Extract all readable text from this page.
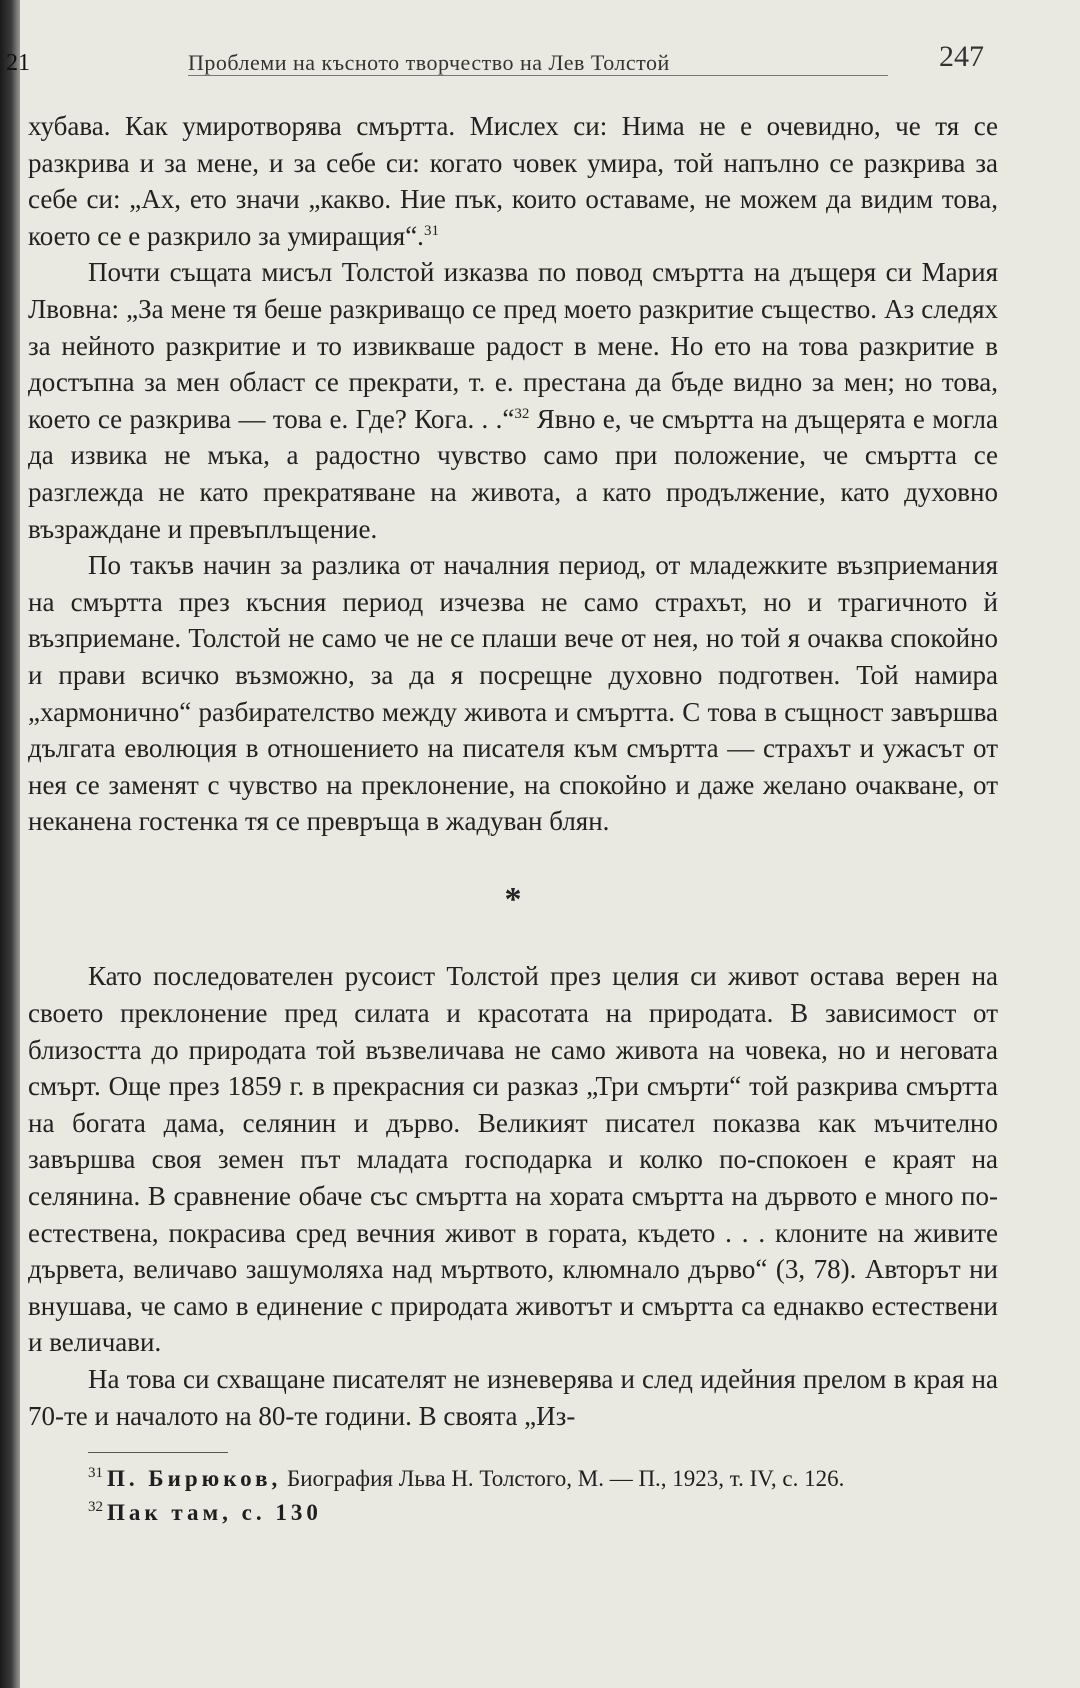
21	Проблеми на късното творчество на Лев Толстой	247

хубава. Как умиротворява смъртта. Мислех си: Нима не е очевидно, че тя се разкрива и за мене, и за себе си: когато човек умира, той напълно се разкрива за себе си: „Ах, ето значи „какво. Ние пък, които оставаме, не можем да видим това, което се е разкрило за умиращия“.$^{31}$

Почти същата мисъл Толстой изказва по повод смъртта на дъщеря си Мария Лвовна: „За мене тя беше разкриващо се пред моето разкритие същество. Аз следях за нейното разкритие и то извикваше радост в мене. Но ето на това разкритие в достъпна за мен област се прекрати, т. е. престана да бъде видно за мен; но това, което се разкрива — това е. Где? Кога. . .“$^{32}$ Явно е, че смъртта на дъщерята е могла да извика не мъка, а радостно чувство само при положение, че смъртта се разглежда не като прекратяване на живота, а като продължение, като духовно възраждане и превъплъщение.

По такъв начин за разлика от началния период, от младежките възприемания на смъртта през късния период изчезва не само страхът, но и трагичното й възприемане. Толстой не само че не се плаши вече от нея, но той я очаква спокойно и прави всичко възможно, за да я посрещне духовно подготвен. Той намира „хармонично“ разбирателство между живота и смъртта. С това в същност завършва дългата еволюция в отношението на писателя към смъртта — страхът и ужасът от нея се заменят с чувство на преклонение, на спокойно и даже желано очакване, от неканена гостенка тя се превръща в жадуван блян.

*

Като последователен русоист Толстой през целия си живот остава верен на своето преклонение пред силата и красотата на природата. В зависимост от близостта до природата той възвеличава не само живота на човека, но и неговата смърт. Още през 1859 г. в прекрасния си разказ „Три смърти“ той разкрива смъртта на богата дама, селянин и дърво. Великият писател показва как мъчително завършва своя земен път младата господарка и колко по-спокоен е краят на селянина. В сравнение обаче със смъртта на хората смъртта на дървото е много по-естествена, покрасива сред вечния живот в гората, където . . . клоните на живите дървета, величаво зашумоляха над мъртвото, клюмнало дърво“ (3, 78). Авторът ни внушава, че само в единение с природата животът и смъртта са еднакво естествени и величави.

На това си схващане писателят не изневерява и след идейния прелом в края на 70-те и началото на 80-те години. В своята „Из-

$^{31}$ П. Бирюков, Биография Льва Н. Толстого, М. — П., 1923, т. IV, с. 126.

$^{32}$ Пак там, с. 130
